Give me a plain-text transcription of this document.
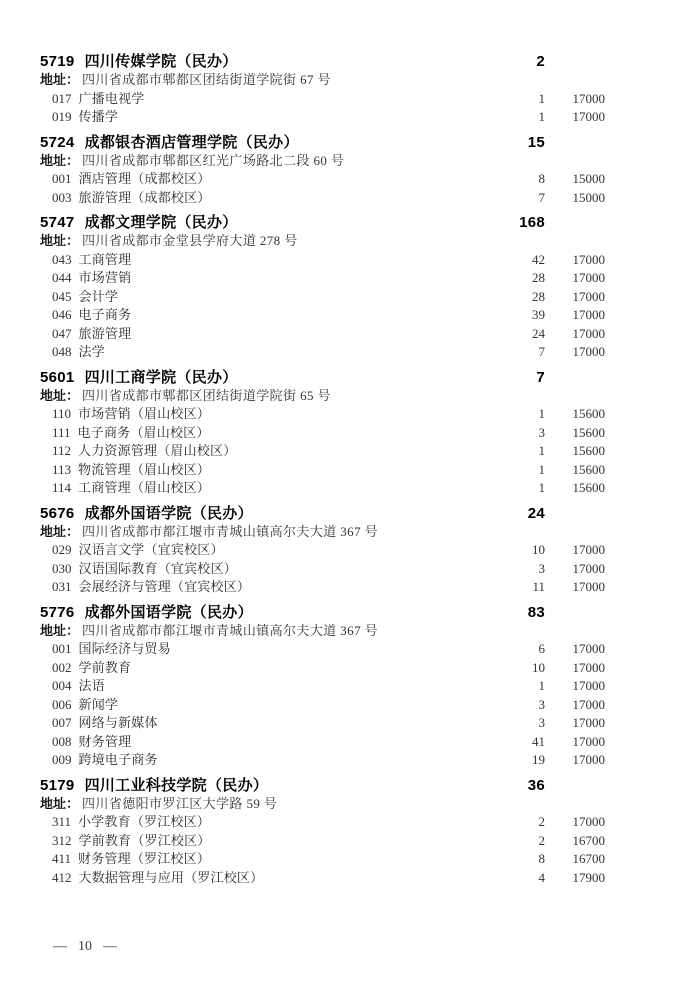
5719 四川传媒学院（民办）	2
地址： 四川省成都市郫都区团结街道学院街 67 号
017 广播电视学	1	17000
019 传播学	1	17000
5724 成都银杏酒店管理学院（民办）	15
地址： 四川省成都市郫都区红光广场路北二段 60 号
001 酒店管理（成都校区）	8	15000
003 旅游管理（成都校区）	7	15000
5747 成都文理学院（民办）	168
地址： 四川省成都市金堂县学府大道 278 号
043 工商管理	42	17000
044 市场营销	28	17000
045 会计学	28	17000
046 电子商务	39	17000
047 旅游管理	24	17000
048 法学	7	17000
5601 四川工商学院（民办）	7
地址： 四川省成都市郫都区团结街道学院街 65 号
110 市场营销（眉山校区）	1	15600
111 电子商务（眉山校区）	3	15600
112 人力资源管理（眉山校区）	1	15600
113 物流管理（眉山校区）	1	15600
114 工商管理（眉山校区）	1	15600
5676 成都外国语学院（民办）	24
地址： 四川省成都市都江堰市青城山镇高尔夫大道 367 号
029 汉语言文学（宜宾校区）	10	17000
030 汉语国际教育（宜宾校区）	3	17000
031 会展经济与管理（宜宾校区）	11	17000
5776 成都外国语学院（民办）	83
地址： 四川省成都市都江堰市青城山镇高尔夫大道 367 号
001 国际经济与贸易	6	17000
002 学前教育	10	17000
004 法语	1	17000
006 新闻学	3	17000
007 网络与新媒体	3	17000
008 财务管理	41	17000
009 跨境电子商务	19	17000
5179 四川工业科技学院（民办）	36
地址： 四川省德阳市罗江区大学路 59 号
311 小学教育（罗江校区）	2	17000
312 学前教育（罗江校区）	2	16700
411 财务管理（罗江校区）	8	16700
412 大数据管理与应用（罗江校区）	4	17900
— 10 —
